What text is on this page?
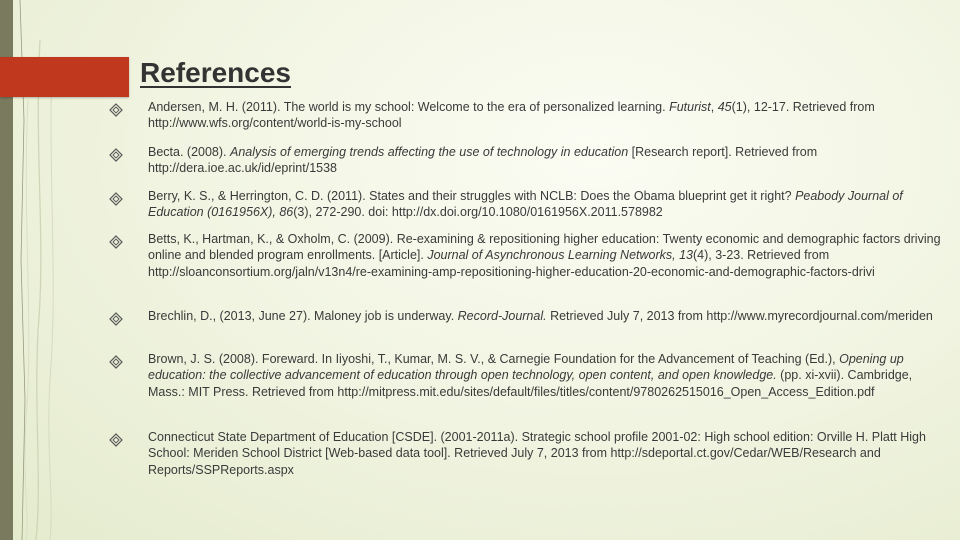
References
Andersen, M. H. (2011). The world is my school: Welcome to the era of personalized learning. Futurist, 45(1), 12-17. Retrieved from http://www.wfs.org/content/world-is-my-school
Becta. (2008). Analysis of emerging trends affecting the use of technology in education [Research report]. Retrieved from http://dera.ioe.ac.uk/id/eprint/1538
Berry, K. S., & Herrington, C. D. (2011). States and their struggles with NCLB: Does the Obama blueprint get it right? Peabody Journal of Education (0161956X), 86(3), 272-290. doi: http://dx.doi.org/10.1080/0161956X.2011.578982
Betts, K., Hartman, K., & Oxholm, C. (2009). Re-examining & repositioning higher education: Twenty economic and demographic factors driving online and blended program enrollments. [Article]. Journal of Asynchronous Learning Networks, 13(4), 3-23. Retrieved from http://sloanconsortium.org/jaln/v13n4/re-examining-amp-repositioning-higher-education-20-economic-and-demographic-factors-drivi
Brechlin, D., (2013, June 27). Maloney job is underway. Record-Journal. Retrieved July 7, 2013 from http://www.myrecordjournal.com/meriden
Brown, J. S. (2008). Foreward. In Iiyoshi, T., Kumar, M. S. V., & Carnegie Foundation for the Advancement of Teaching (Ed.), Opening up education: the collective advancement of education through open technology, open content, and open knowledge. (pp. xi-xvii). Cambridge, Mass.: MIT Press. Retrieved from http://mitpress.mit.edu/sites/default/files/titles/content/9780262515016_Open_Access_Edition.pdf
Connecticut State Department of Education [CSDE]. (2001-2011a). Strategic school profile 2001-02: High school edition: Orville H. Platt High School: Meriden School District [Web-based data tool]. Retrieved July 7, 2013 from http://sdeportal.ct.gov/Cedar/WEB/Research and Reports/SSPReports.aspx
